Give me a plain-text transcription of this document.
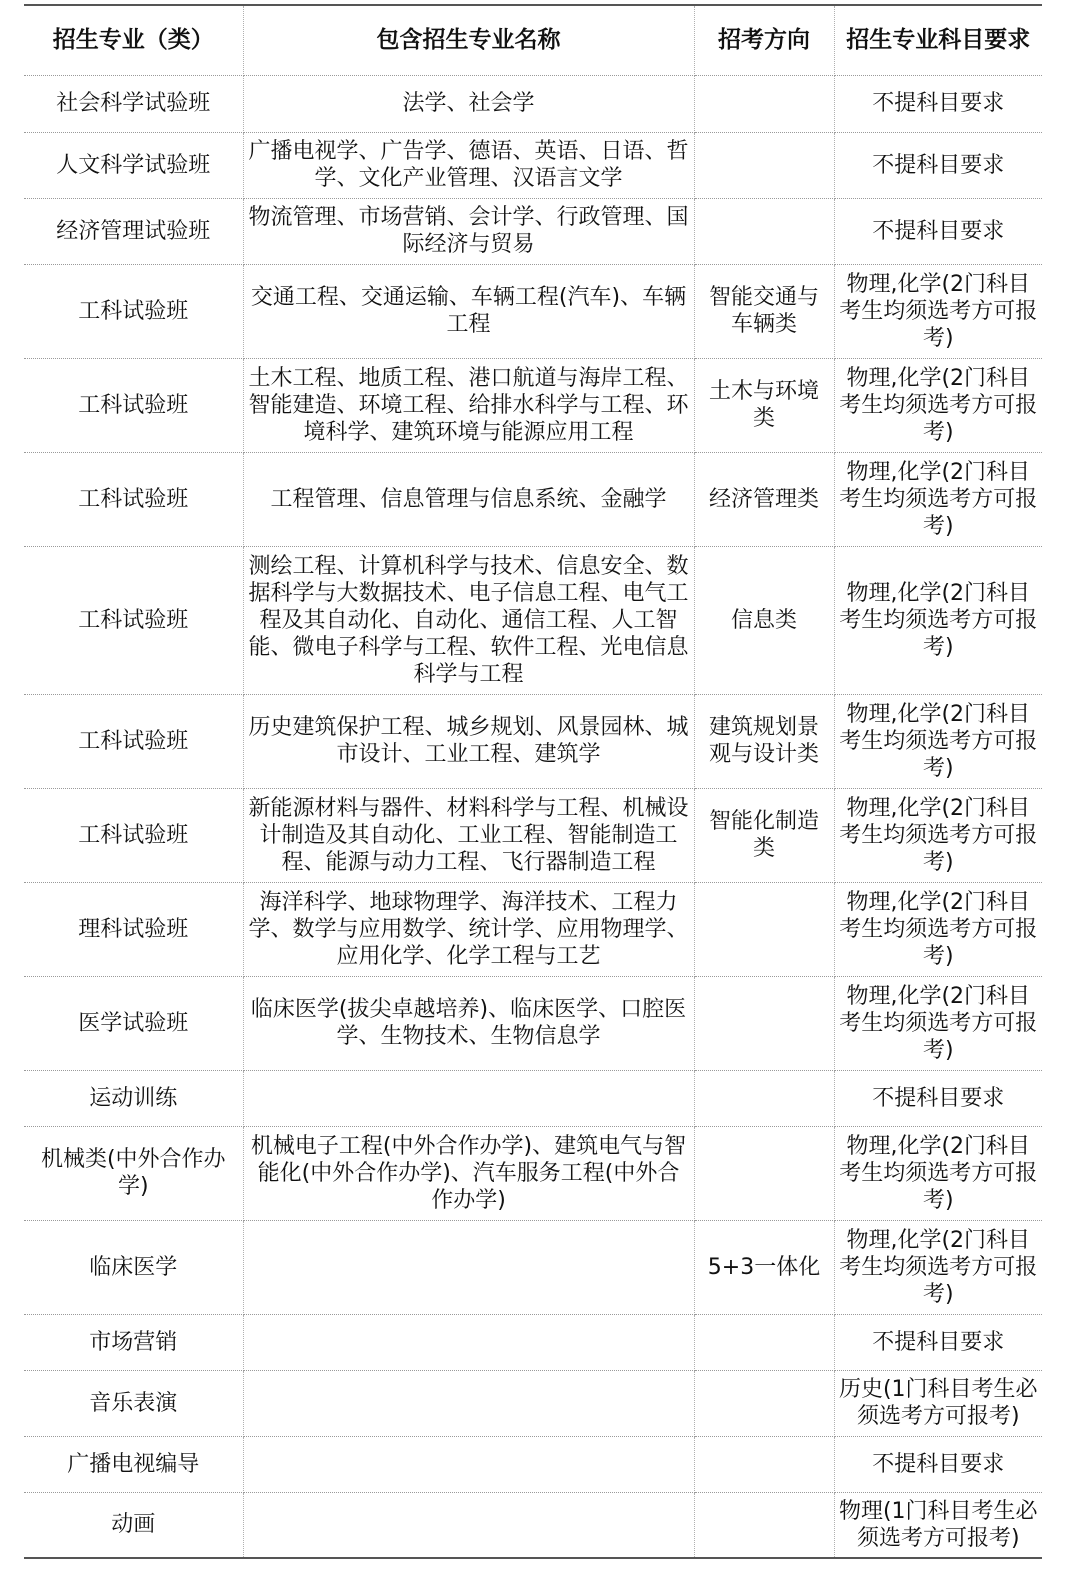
招生专业（类）	包含招生专业名称	招考方向	招生专业科目要求
社会科学试验班	法学、社会学		不提科目要求
人文科学试验班	广播电视学、广告学、德语、英语、日语、哲学、文化产业管理、汉语言文学		不提科目要求
经济管理试验班	物流管理、市场营销、会计学、行政管理、国际经济与贸易		不提科目要求
工科试验班	交通工程、交通运输、车辆工程(汽车)、车辆工程	智能交通与车辆类	物理,化学(2门科目考生均须选考方可报考)
工科试验班	土木工程、地质工程、港口航道与海岸工程、智能建造、环境工程、给排水科学与工程、环境科学、建筑环境与能源应用工程	土木与环境类	物理,化学(2门科目考生均须选考方可报考)
工科试验班	工程管理、信息管理与信息系统、金融学	经济管理类	物理,化学(2门科目考生均须选考方可报考)
工科试验班	测绘工程、计算机科学与技术、信息安全、数据科学与大数据技术、电子信息工程、电气工程及其自动化、自动化、通信工程、人工智能、微电子科学与工程、软件工程、光电信息科学与工程	信息类	物理,化学(2门科目考生均须选考方可报考)
工科试验班	历史建筑保护工程、城乡规划、风景园林、城市设计、工业工程、建筑学	建筑规划景观与设计类	物理,化学(2门科目考生均须选考方可报考)
工科试验班	新能源材料与器件、材料科学与工程、机械设计制造及其自动化、工业工程、智能制造工程、能源与动力工程、飞行器制造工程	智能化制造类	物理,化学(2门科目考生均须选考方可报考)
理科试验班	海洋科学、地球物理学、海洋技术、工程力学、数学与应用数学、统计学、应用物理学、应用化学、化学工程与工艺		物理,化学(2门科目考生均须选考方可报考)
医学试验班	临床医学(拔尖卓越培养)、临床医学、口腔医学、生物技术、生物信息学		物理,化学(2门科目考生均须选考方可报考)
运动训练			不提科目要求
机械类(中外合作办学)	机械电子工程(中外合作办学)、建筑电气与智能化(中外合作办学)、汽车服务工程(中外合作办学)		物理,化学(2门科目考生均须选考方可报考)
临床医学		5+3一体化	物理,化学(2门科目考生均须选考方可报考)
市场营销			不提科目要求
音乐表演			历史(1门科目考生必须选考方可报考)
广播电视编导			不提科目要求
动画			物理(1门科目考生必须选考方可报考)
